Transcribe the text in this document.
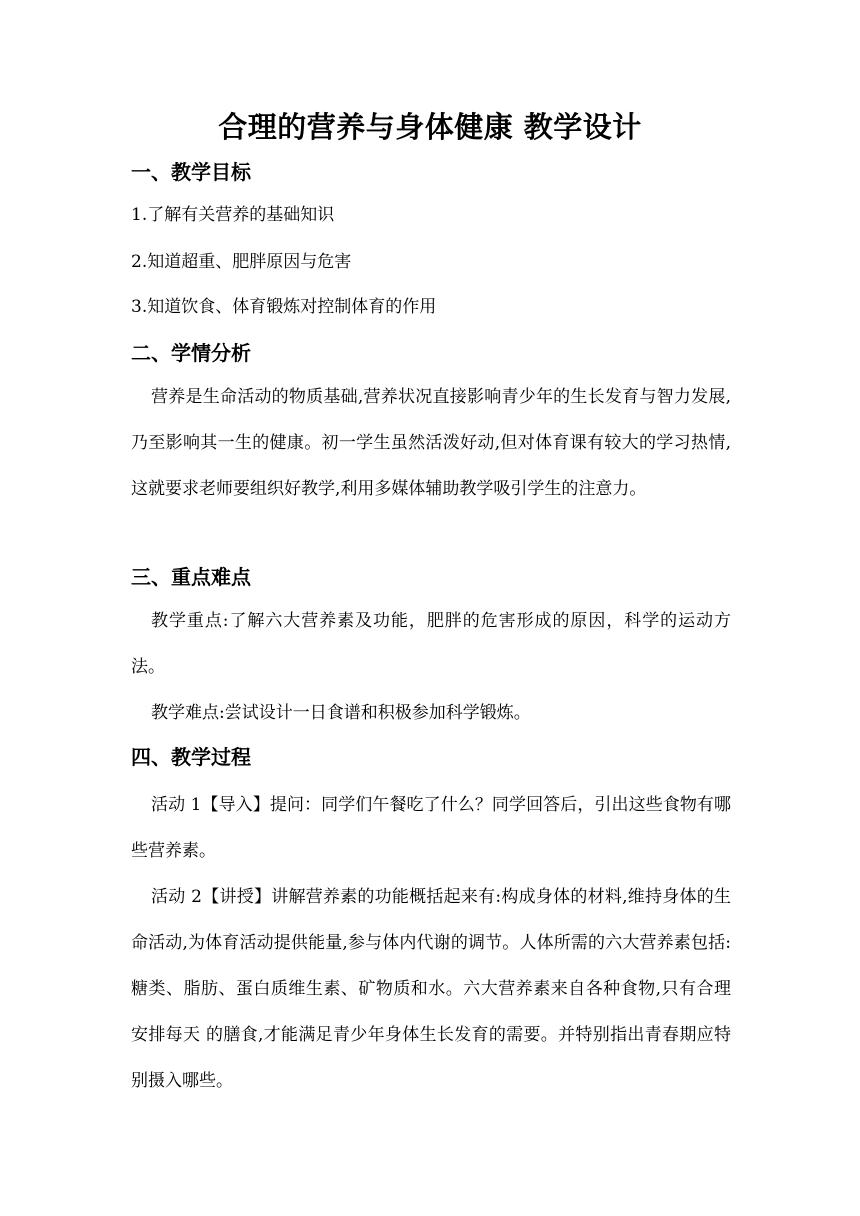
合理的营养与身体健康 教学设计
一、教学目标
1.了解有关营养的基础知识
2.知道超重、肥胖原因与危害
3.知道饮食、体育锻炼对控制体育的作用
二、学情分析
营养是生命活动的物质基础,营养状况直接影响青少年的生长发育与智力发展,乃至影响其一生的健康。初一学生虽然活泼好动,但对体育课有较大的学习热情,这就要求老师要组织好教学,利用多媒体辅助教学吸引学生的注意力。
三、重点难点
教学重点:了解六大营养素及功能，肥胖的危害形成的原因，科学的运动方法。
教学难点:尝试设计一日食谱和积极参加科学锻炼。
四、教学过程
活动 1【导入】提问：同学们午餐吃了什么？同学回答后，引出这些食物有哪些营养素。
活动 2【讲授】讲解营养素的功能概括起来有:构成身体的材料,维持身体的生命活动,为体育活动提供能量,参与体内代谢的调节。人体所需的六大营养素包括: 糖类、脂肪、蛋白质维生素、矿物质和水。六大营养素来自各种食物,只有合理安排每天 的膳食,才能满足青少年身体生长发育的需要。并特别指出青春期应特别摄入哪些。
